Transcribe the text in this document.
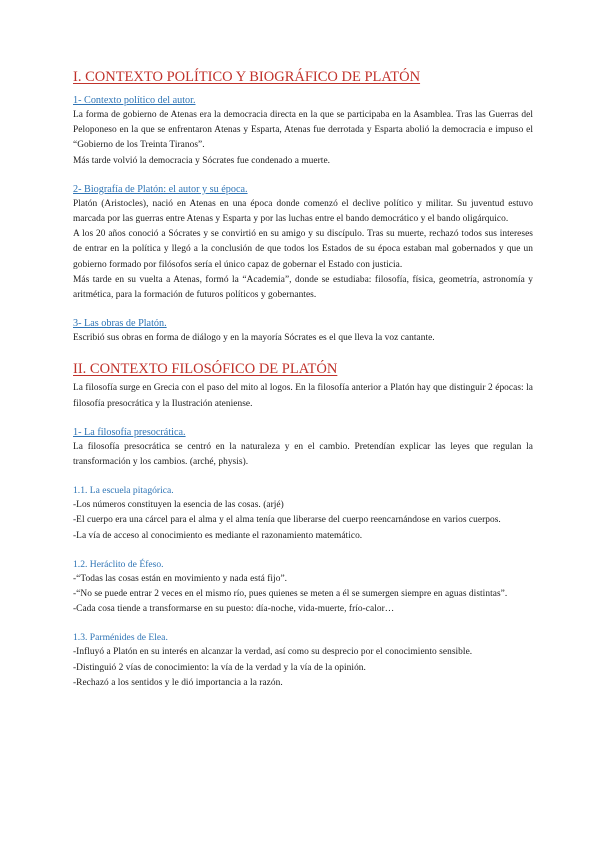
I. CONTEXTO POLÍTICO Y BIOGRÁFICO DE PLATÓN
1- Contexto político del autor.

La forma de gobierno de Atenas era la democracia directa en la que se participaba en la Asamblea. Tras las Guerras del Peloponeso en la que se enfrentaron Atenas y Esparta, Atenas fue derrotada y Esparta abolió la democracia e impuso el “Gobierno de los Treinta Tiranos”.

Más tarde volvió la democracia y Sócrates fue condenado a muerte.

2- Biografía de Platón: el autor y su época.

Platón (Aristocles), nació en Atenas en una época donde comenzó el declive político y militar. Su juventud estuvo marcada por las guerras entre Atenas y Esparta y por las luchas entre el bando democrático y el bando oligárquico.

A los 20 años conoció a Sócrates y se convirtió en su amigo y su discípulo. Tras su muerte, rechazó todos sus intereses de entrar en la política y llegó a la conclusión de que todos los Estados de su época estaban mal gobernados y que un gobierno formado por filósofos sería el único capaz de gobernar el Estado con justicia.

Más tarde en su vuelta a Atenas, formó la “Academia”, donde se estudiaba: filosofía, física, geometría, astronomía y aritmética, para la formación de futuros políticos y gobernantes.

3- Las obras de Platón.

Escribió sus obras en forma de diálogo y en la mayoría Sócrates es el que lleva la voz cantante.

II. CONTEXTO FILOSÓFICO DE PLATÓN

La filosofía surge en Grecia con el paso del mito al logos. En la filosofía anterior a Platón hay que distinguir 2 épocas: la filosofía presocrática y la Ilustración ateniense.

1- La filosofía presocrática.

La filosofía presocrática se centró en la naturaleza y en el cambio. Pretendían explicar las leyes que regulan la transformación y los cambios. (arché, physis).

1.1. La escuela pitagórica.

-Los números constituyen la esencia de las cosas. (arjé)

-El cuerpo era una cárcel para el alma y el alma tenía que liberarse del cuerpo reencarnándose en varios cuerpos.

-La vía de acceso al conocimiento es mediante el razonamiento matemático.

1.2. Heráclito de Éfeso.

-“Todas las cosas están en movimiento y nada está fijo”.

-“No se puede entrar 2 veces en el mismo río, pues quienes se meten a él se sumergen siempre en aguas distintas”.

-Cada cosa tiende a transformarse en su puesto: día-noche, vida-muerte, frío-calor…

1.3. Parménides de Elea.

-Influyó a Platón en su interés en alcanzar la verdad, así como su desprecio por el conocimiento sensible.

-Distinguió 2 vías de conocimiento: la vía de la verdad y la vía de la opinión.

-Rechazó a los sentidos y le dió importancia a la razón.
